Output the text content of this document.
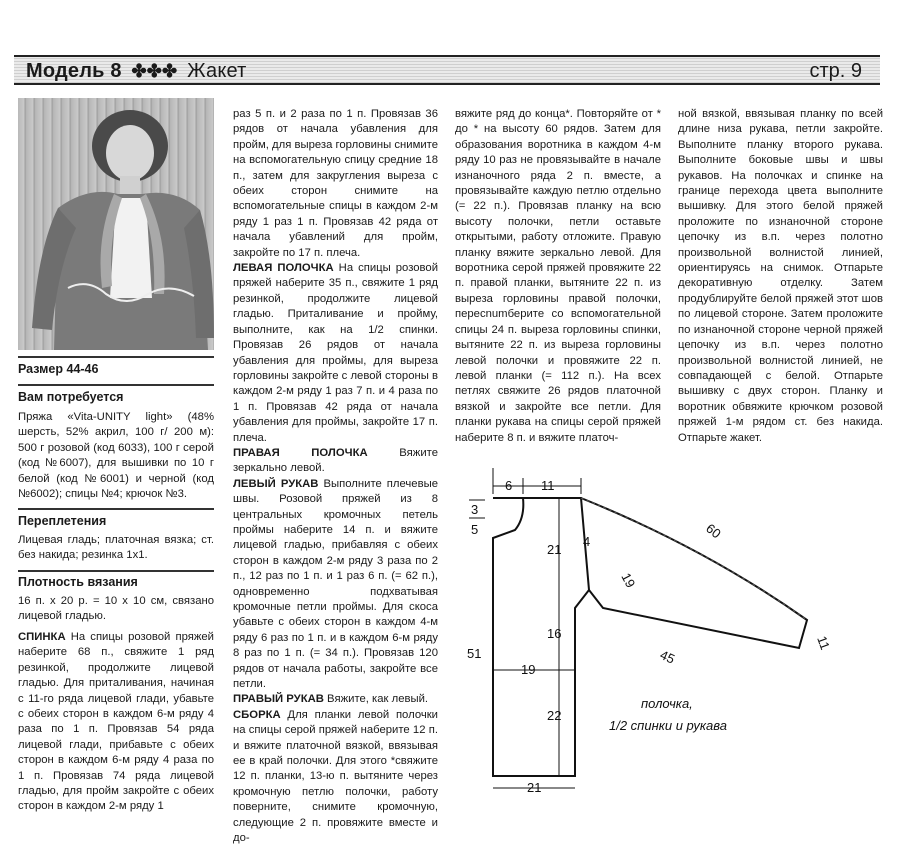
Модель 8 ✤✤✤ Жакет	стр. 9
Размер 44-46
Вам потребуется
Пряжа «Vita-UNITY light» (48% шерсть, 52% акрил, 100 г/ 200 м): 500 г розовой (код 6033), 100 г серой (код №6007), для вышивки по 10 г белой (код №6001) и черной (код №6002); спицы №4; крючок №3.
Переплетения
Лицевая гладь; платочная вязка; ст. без накида; резинка 1х1.
Плотность вязания
16 п. х 20 р. = 10 х 10 см, связано лицевой гладью.
СПИНКА На спицы розовой пряжей наберите 68 п., свяжите 1 ряд резинкой, продолжите лицевой гладью. Для приталивания, начиная с 11-го ряда лицевой глади, убавьте с обеих сторон в каждом 6-м ряду 4 раза по 1 п. Провязав 54 ряда лицевой глади, прибавьте с обеих сторон в каждом 6-м ряду 4 раза по 1 п. Провязав 74 ряда лицевой гладью, для пройм закройте с обеих сторон в каждом 2-м ряду 1

раз 5 п. и 2 раза по 1 п. Провязав 36 рядов от начала убавления для пройм, для выреза горловины снимите на вспомогательную спицу средние 18 п., затем для закругления выреза с обеих сторон снимите на вспомогательные спицы в каждом 2-м ряду 1 раз 1 п. Провязав 42 ряда от начала убавлений для пройм, закройте по 17 п. плеча.

ЛЕВАЯ ПОЛОЧКА На спицы розовой пряжей наберите 35 п., свяжите 1 ряд резинкой, продолжите лицевой гладью. Приталивание и пройму, выполните, как на 1/2 спинки. Провязав 26 рядов от начала убавления для проймы, для выреза горловины закройте с левой стороны в каждом 2-м ряду 1 раз 7 п. и 4 раза по 1 п. Провязав 42 ряда от начала убавления для проймы, закройте 17 п. плеча.

ПРАВАЯ ПОЛОЧКА Вяжите зеркально левой.

ЛЕВЫЙ РУКАВ Выполните плечевые швы. Розовой пряжей из 8 центральных кромочных петель проймы наберите 14 п. и вяжите лицевой гладью, прибавляя с обеих сторон в каждом 2-м ряду 3 раза по 2 п., 12 раз по 1 п. и 1 раз 6 п. (= 62 п.), одновременно подхватывая кромочные петли проймы. Для скоса убавьте с обеих сторон в каждом 4-м ряду 6 раз по 1 п. и в каждом 6-м ряду 8 раз по 1 п. (= 34 п.). Провязав 120 рядов от начала работы, закройте все петли.

ПРАВЫЙ РУКАВ Вяжите, как левый.

СБОРКА Для планки левой полочки на спицы серой пряжей наберите 12 п. и вяжите платочной вязкой, ввязывая ее в край полочки. Для этого *свяжите 12 п. планки, 13-ю п. вытяните через кромочную петлю полочки, работу поверните, снимите кромочную, следующие 2 п. провяжите вместе и до-

вяжите ряд до конца*. Повторяйте от * до * на высоту 60 рядов. Затем для образования воротника в каждом 4-м ряду 10 раз не провязывайте в начале изнаночного ряда 2 п. вместе, а провязывайте каждую петлю отдельно (= 22 п.). Провязав планку на всю высоту полочки, петли оставьте открытыми, работу отложите. Правую планку вяжите зеркально левой. Для воротника серой пряжей провяжите 22 п. правой планки, вытяните 22 п. из выреза горловины правой полочки, пересnumберите со вспомогательной спицы 24 п. выреза горловины спинки, вытяните 22 п. из выреза горловины левой полочки и провяжите 22 п. левой планки (= 112 п.). На всех петлях свяжите 26 рядов платочной вязкой и закройте все петли. Для планки рукава на спицы серой пряжей наберите 8 п. и вяжите платоч-
ной вязкой, ввязывая планку по всей длине низа рукава, петли закройте. Выполните планку второго рукава. Выполните боковые швы и швы рукавов. На полочках и спинке на границе перехода цвета выполните вышивку. Для этого белой пряжей проложите по изнаночной стороне цепочку из в.п. через полотно произвольной волнистой линией, ориентируясь на снимок. Отпарьте декоративную отделку. Затем продублируйте белой пряжей этот шов по лицевой стороне. Затем проложите по изнаночной стороне черной пряжей цепочку из в.п. через полотно произвольной волнистой линией, не совпадающей с белой. Отпарьте вышивку с двух сторон. Планку и воротник обвяжите крючком розовой пряжей 1-м рядом ст. без накида. Отпарьте жакет.
6 11
3
5
51
21
16
22
4
19
21
19
60
45
11
полочка,
1/2 спинки и рукава
